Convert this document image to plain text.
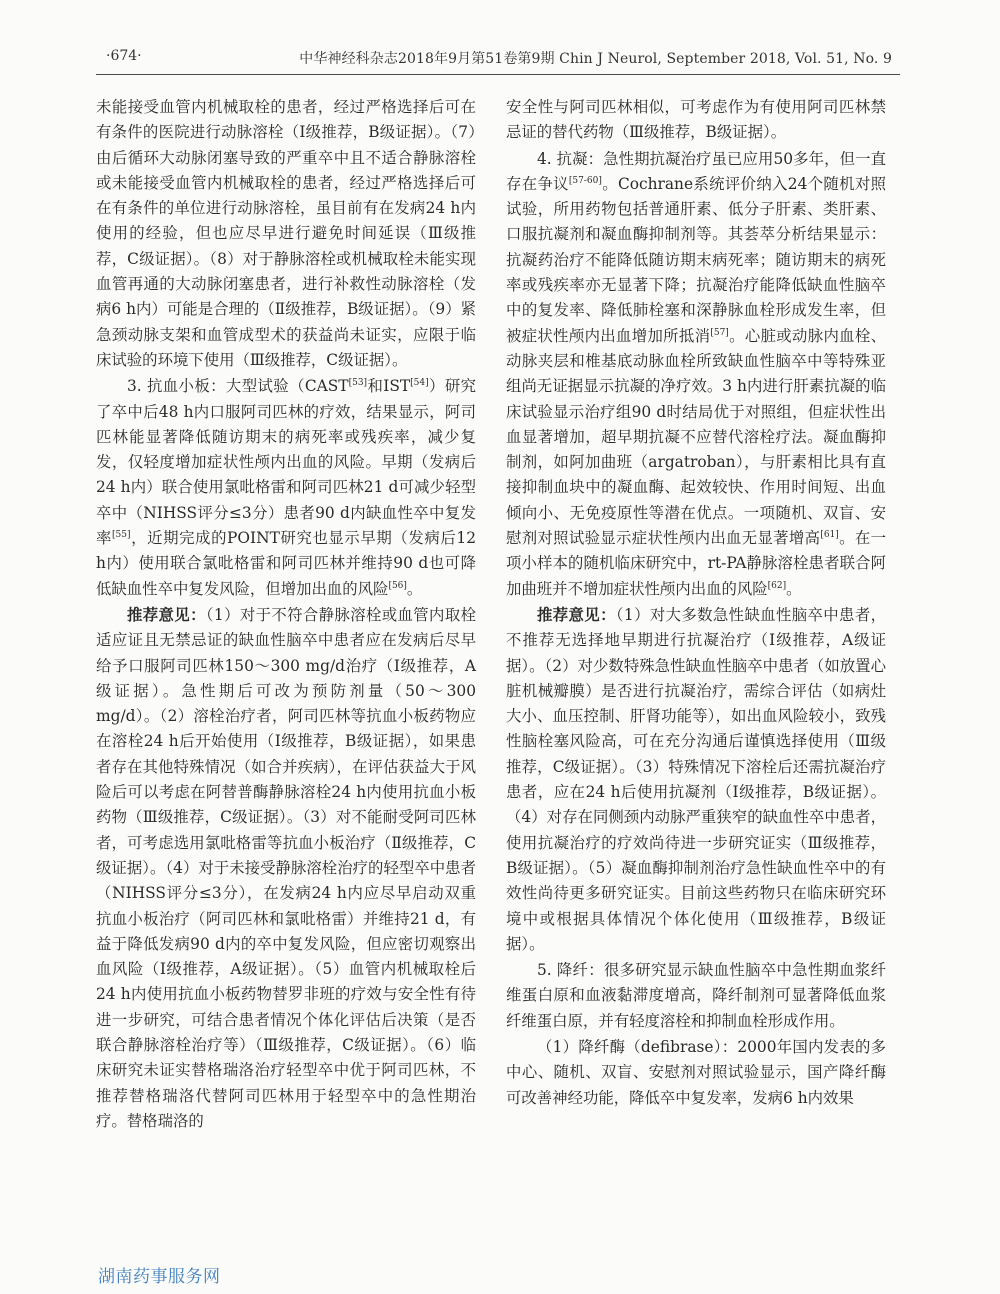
·674·	中华神经科杂志2018年9月第51卷第9期 Chin J Neurol, September 2018, Vol. 51, No. 9

未能接受血管内机械取栓的患者，经过严格选择后可在有条件的医院进行动脉溶栓（Ⅰ级推荐，B级证据）。（7）由后循环大动脉闭塞导致的严重卒中且不适合静脉溶栓或未能接受血管内机械取栓的患者，经过严格选择后可在有条件的单位进行动脉溶栓，虽目前有在发病24 h内使用的经验，但也应尽早进行避免时间延误（Ⅲ级推荐，C级证据）。（8）对于静脉溶栓或机械取栓未能实现血管再通的大动脉闭塞患者，进行补救性动脉溶栓（发病6 h内）可能是合理的（Ⅱ级推荐，B级证据）。（9）紧急颈动脉支架和血管成型术的获益尚未证实，应限于临床试验的环境下使用（Ⅲ级推荐，C级证据）。

3. 抗血小板：大型试验（CAST[53]和IST[54]）研究了卒中后48 h内口服阿司匹林的疗效，结果显示，阿司匹林能显著降低随访期末的病死率或残疾率，减少复发，仅轻度增加症状性颅内出血的风险。早期（发病后24 h内）联合使用氯吡格雷和阿司匹林21 d可减少轻型卒中（NIHSS评分≤3分）患者90 d内缺血性卒中复发率[55]，近期完成的POINT研究也显示早期（发病后12 h内）使用联合氯吡格雷和阿司匹林并维持90 d也可降低缺血性卒中复发风险，但增加出血的风险[56]。

推荐意见：（1）对于不符合静脉溶栓或血管内取栓适应证且无禁忌证的缺血性脑卒中患者应在发病后尽早给予口服阿司匹林150～300 mg/d治疗（Ⅰ级推荐，A级证据）。急性期后可改为预防剂量（50～300 mg/d）。（2）溶栓治疗者，阿司匹林等抗血小板药物应在溶栓24 h后开始使用（Ⅰ级推荐，B级证据），如果患者存在其他特殊情况（如合并疾病），在评估获益大于风险后可以考虑在阿替普酶静脉溶栓24 h内使用抗血小板药物（Ⅲ级推荐，C级证据）。（3）对不能耐受阿司匹林者，可考虑选用氯吡格雷等抗血小板治疗（Ⅱ级推荐，C级证据）。（4）对于未接受静脉溶栓治疗的轻型卒中患者（NIHSS评分≤3分），在发病24 h内应尽早启动双重抗血小板治疗（阿司匹林和氯吡格雷）并维持21 d，有益于降低发病90 d内的卒中复发风险，但应密切观察出血风险（Ⅰ级推荐，A级证据）。（5）血管内机械取栓后24 h内使用抗血小板药物替罗非班的疗效与安全性有待进一步研究，可结合患者情况个体化评估后决策（是否联合静脉溶栓治疗等）（Ⅲ级推荐，C级证据）。（6）临床研究未证实替格瑞洛治疗轻型卒中优于阿司匹林，不推荐替格瑞洛代替阿司匹林用于轻型卒中的急性期治疗。替格瑞洛的

安全性与阿司匹林相似，可考虑作为有使用阿司匹林禁忌证的替代药物（Ⅲ级推荐，B级证据）。

4. 抗凝：急性期抗凝治疗虽已应用50多年，但一直存在争议[57-60]。Cochrane系统评价纳入24个随机对照试验，所用药物包括普通肝素、低分子肝素、类肝素、口服抗凝剂和凝血酶抑制剂等。其荟萃分析结果显示：抗凝药治疗不能降低随访期末病死率；随访期末的病死率或残疾率亦无显著下降；抗凝治疗能降低缺血性脑卒中的复发率、降低肺栓塞和深静脉血栓形成发生率，但被症状性颅内出血增加所抵消[57]。心脏或动脉内血栓、动脉夹层和椎基底动脉血栓所致缺血性脑卒中等特殊亚组尚无证据显示抗凝的净疗效。3 h内进行肝素抗凝的临床试验显示治疗组90 d时结局优于对照组，但症状性出血显著增加，超早期抗凝不应替代溶栓疗法。凝血酶抑制剂，如阿加曲班（argatroban），与肝素相比具有直接抑制血块中的凝血酶、起效较快、作用时间短、出血倾向小、无免疫原性等潜在优点。一项随机、双盲、安慰剂对照试验显示症状性颅内出血无显著增高[61]。在一项小样本的随机临床研究中，rt-PA静脉溶栓患者联合阿加曲班并不增加症状性颅内出血的风险[62]。

推荐意见：（1）对大多数急性缺血性脑卒中患者，不推荐无选择地早期进行抗凝治疗（Ⅰ级推荐，A级证据）。（2）对少数特殊急性缺血性脑卒中患者（如放置心脏机械瓣膜）是否进行抗凝治疗，需综合评估（如病灶大小、血压控制、肝肾功能等），如出血风险较小，致残性脑栓塞风险高，可在充分沟通后谨慎选择使用（Ⅲ级推荐，C级证据）。（3）特殊情况下溶栓后还需抗凝治疗患者，应在24 h后使用抗凝剂（Ⅰ级推荐，B级证据）。（4）对存在同侧颈内动脉严重狭窄的缺血性卒中患者，使用抗凝治疗的疗效尚待进一步研究证实（Ⅲ级推荐，B级证据）。（5）凝血酶抑制剂治疗急性缺血性卒中的有效性尚待更多研究证实。目前这些药物只在临床研究环境中或根据具体情况个体化使用（Ⅲ级推荐，B级证据）。

5. 降纤：很多研究显示缺血性脑卒中急性期血浆纤维蛋白原和血液黏滞度增高，降纤制剂可显著降低血浆纤维蛋白原，并有轻度溶栓和抑制血栓形成作用。

（1）降纤酶（defibrase）：2000年国内发表的多中心、随机、双盲、安慰剂对照试验显示，国产降纤酶可改善神经功能，降低卒中复发率，发病6 h内效果

湖南药事服务网
